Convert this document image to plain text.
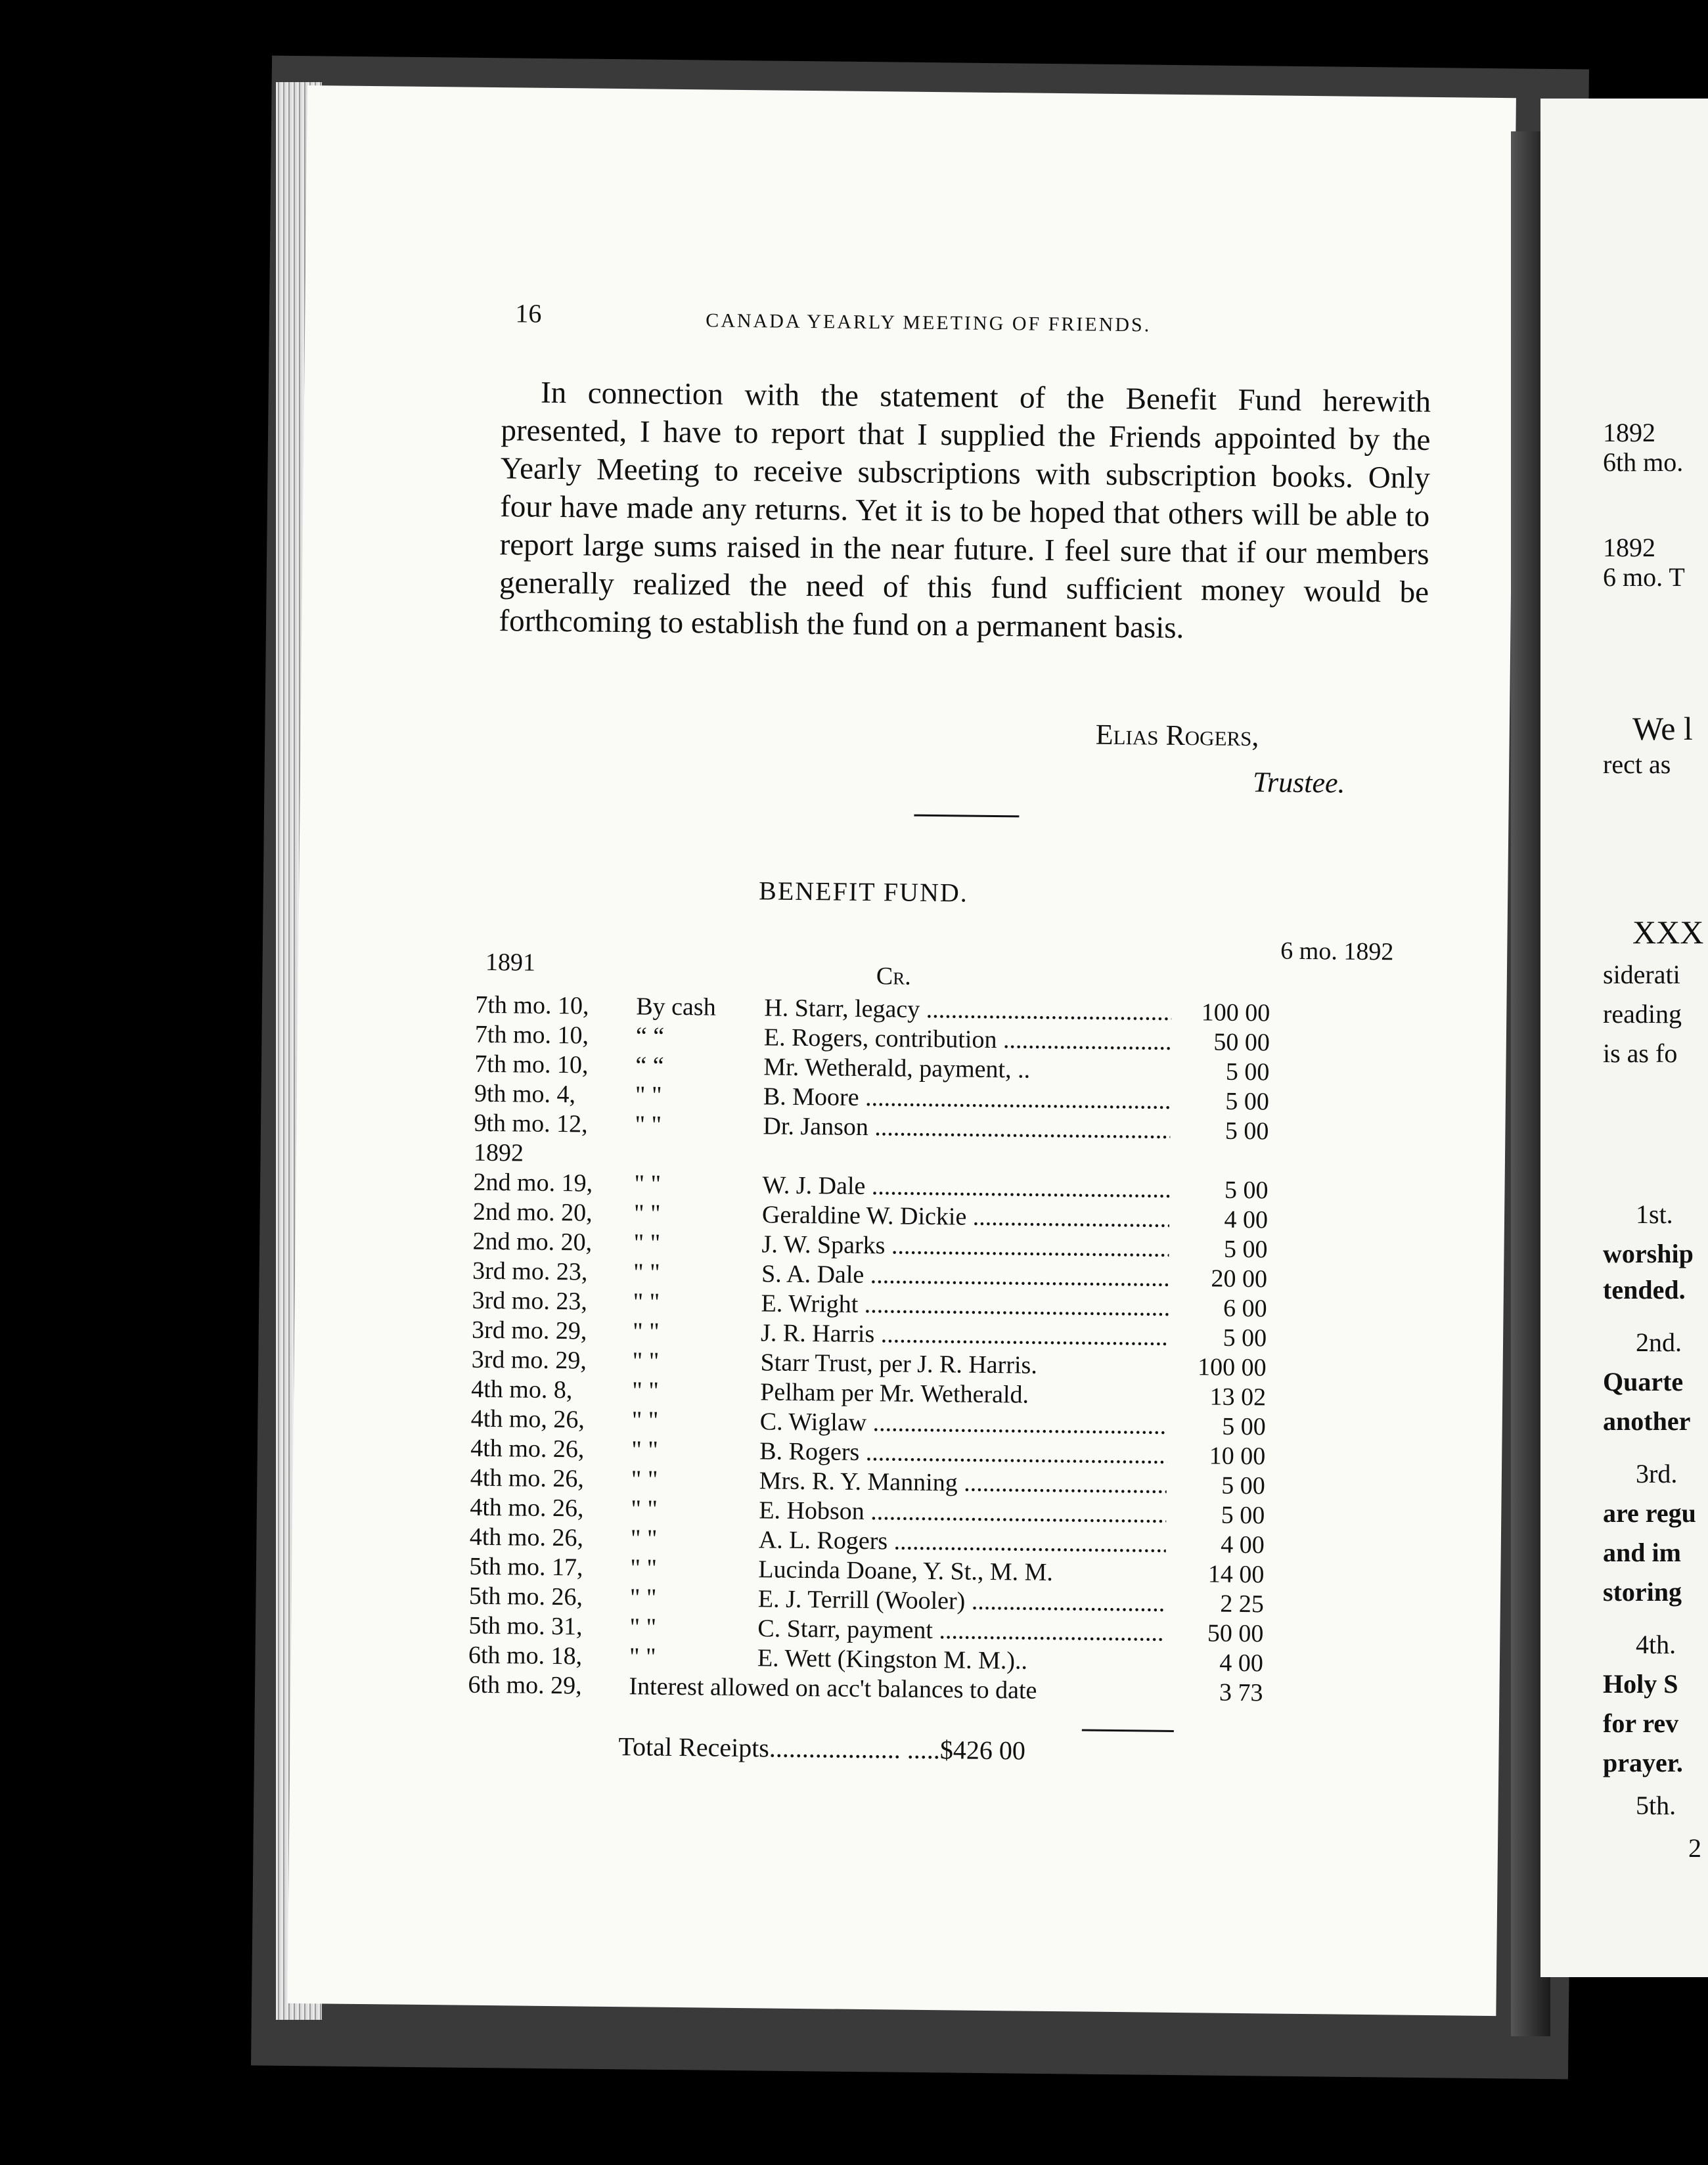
16	CANADA YEARLY MEETING OF FRIENDS.
In connection with the statement of the Benefit Fund herewith presented, I have to report that I supplied the Friends appointed by the Yearly Meeting to receive subscriptions with subscription books. Only four have made any returns. Yet it is to be hoped that others will be able to report large sums raised in the near future. I feel sure that if our members generally realized the need of this fund sufficient money would be forthcoming to establish the fund on a permanent basis.
Elias Rogers,
Trustee.
BENEFIT FUND.
6 mo. 1892
1891	Cr.
7th mo. 10,	By cash	H. Starr, legacy .....	100 00
7th mo. 10,	“ “	E. Rogers, contribution .....	50 00
7th mo. 10,	“ “	Mr. Wetherald, payment, ..	5 00
9th mo. 4,	" "	B. Moore .....	5 00
9th mo. 12,	" "	Dr. Janson .....	5 00
1892
2nd mo. 19,	" "	W. J. Dale .....	5 00
2nd mo. 20,	" "	Geraldine W. Dickie .....	4 00
2nd mo. 20,	" "	J. W. Sparks .....	5 00
3rd mo. 23,	" "	S. A. Dale .....	20 00
3rd mo. 23,	" "	E. Wright .....	6 00
3rd mo. 29,	" "	J. R. Harris .....	5 00
3rd mo. 29,	" "	Starr Trust, per J. R. Harris.	100 00
4th mo. 8,	" "	Pelham per Mr. Wetherald.	13 02
4th mo, 26,	" "	C. Wiglaw .....	5 00
4th mo. 26,	" "	B. Rogers .....	10 00
4th mo. 26,	" "	Mrs. R. Y. Manning .....	5 00
4th mo. 26,	" "	E. Hobson .....	5 00
4th mo. 26,	" "	A. L. Rogers .....	4 00
5th mo. 17,	" "	Lucinda Doane, Y. St., M. M.	14 00
5th mo. 26,	" "	E. J. Terrill (Wooler) .....	2 25
5th mo. 31,	" "	C. Starr, payment .....	50 00
6th mo. 18,	" "	E. Wett (Kingston M. M.)..	4 00
6th mo. 29,	Interest allowed on acc't balances to date	3 73
Total Receipts.................... .....$426 00
1892
6th mo.
1892
6 mo. T
We l
rect as
XXX
siderati
reading
is as fo
1st.
worship
tended.
2nd.
Quarte
another
3rd.
are regu
and im
storing
4th.
Holy S
for rev
prayer.
5th.
2
